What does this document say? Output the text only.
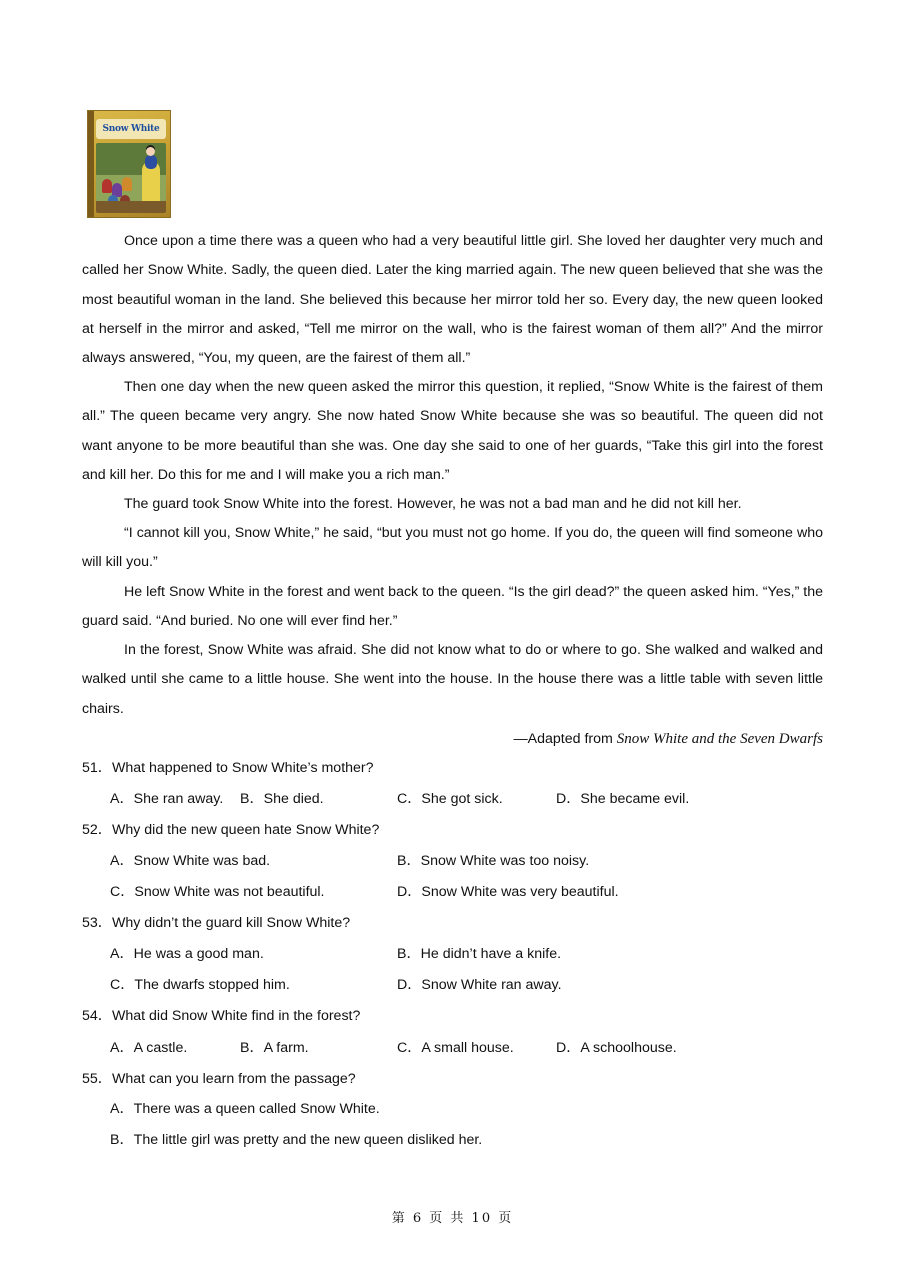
Snow White

Once upon a time there was a queen who had a very beautiful little girl. She loved her daughter very much and called her Snow White. Sadly, the queen died. Later the king married again. The new queen believed that she was the most beautiful woman in the land. She believed this because her mirror told her so. Every day, the new queen looked at herself in the mirror and asked, “Tell me mirror on the wall, who is the fairest woman of them all?” And the mirror always answered, “You, my queen, are the fairest of them all.”

Then one day when the new queen asked the mirror this question, it replied, “Snow White is the fairest of them all.” The queen became very angry. She now hated Snow White because she was so beautiful. The queen did not want anyone to be more beautiful than she was. One day she said to one of her guards, “Take this girl into the forest and kill her. Do this for me and I will make you a rich man.”

The guard took Snow White into the forest. However, he was not a bad man and he did not kill her.

“I cannot kill you, Snow White,” he said, “but you must not go home. If you do, the queen will find someone who will kill you.”

He left Snow White in the forest and went back to the queen. “Is the girl dead?” the queen asked him. “Yes,” the guard said. “And buried. No one will ever find her.”

In the forest, Snow White was afraid. She did not know what to do or where to go. She walked and walked and walked until she came to a little house. She went into the house. In the house there was a little table with seven little chairs.

—Adapted from Snow White and the Seven Dwarfs
51．What happened to Snow White’s mother?
A．She ran away. B．She died.	C．She got sick.	D．She became evil.
52．Why did the new queen hate Snow White?
A．Snow White was bad.	B．Snow White was too noisy.
C．Snow White was not beautiful.	D．Snow White was very beautiful.
53．Why didn’t the guard kill Snow White?
A．He was a good man.	B．He didn’t have a knife.
C．The dwarfs stopped him.	D．Snow White ran away.
54．What did Snow White find in the forest?
A．A castle.	B．A farm.	C．A small house.	D．A schoolhouse.
55．What can you learn from the passage?
A．There was a queen called Snow White.
B．The little girl was pretty and the new queen disliked her.
第 6 页 共 10 页
